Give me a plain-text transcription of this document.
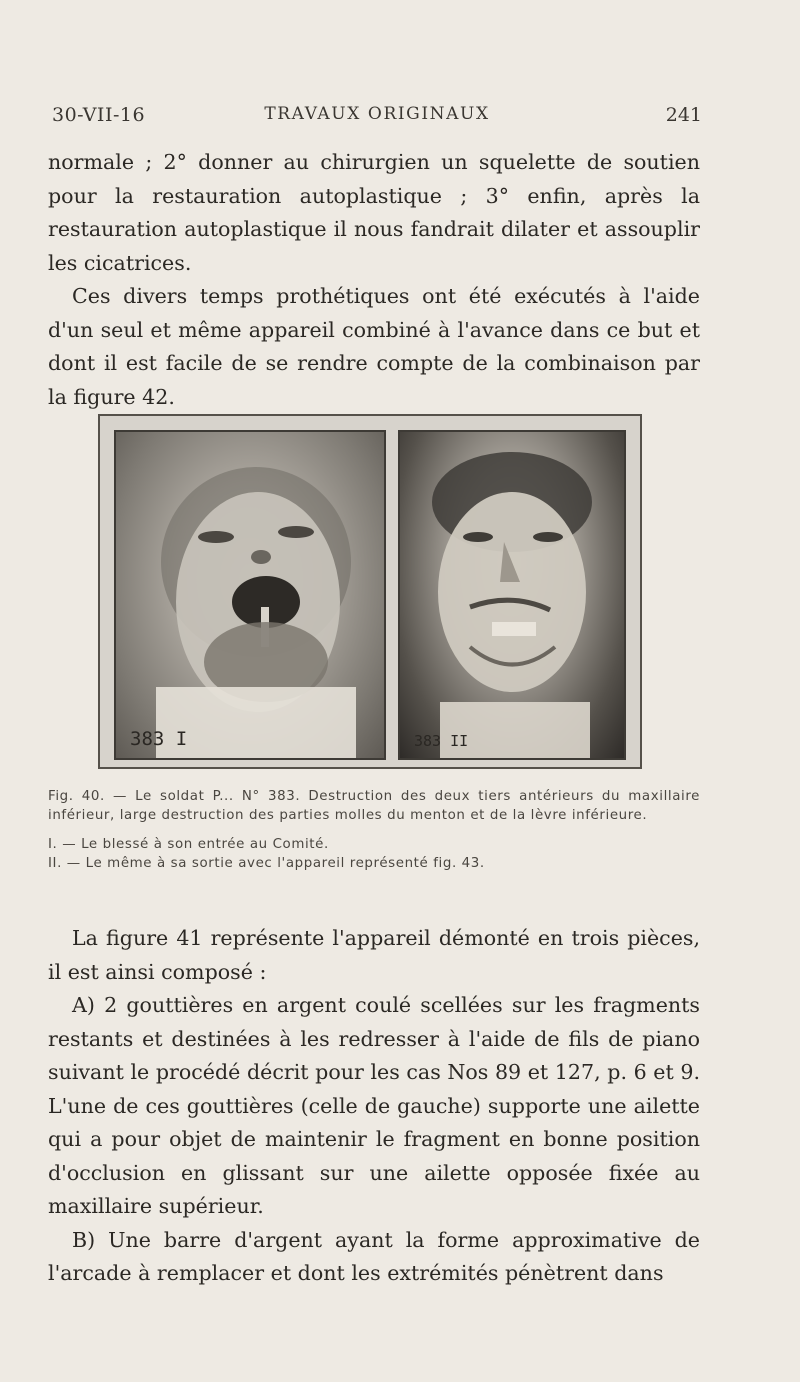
30-VII-16	TRAVAUX ORIGINAUX	241

normale ; 2° donner au chirurgien un squelette de soutien pour la restauration autoplastique ; 3° enfin, après la restauration autoplastique il nous fandrait dilater et assouplir les cicatrices.

Ces divers temps prothétiques ont été exécutés à l'aide d'un seul et même appareil combiné à l'avance dans ce but et dont il est facile de se rendre compte de la combinaison par la figure 42.

383 I	383 II

Fig. 40. — Le soldat P... N° 383. Destruction des deux tiers antérieurs du maxillaire inférieur, large destruction des parties molles du menton et de la lèvre inférieure.

I. — Le blessé à son entrée au Comité.

II. — Le même à sa sortie avec l'appareil représenté fig. 43.

La figure 41 représente l'appareil démonté en trois pièces, il est ainsi composé :

A) 2 gouttières en argent coulé scellées sur les fragments restants et destinées à les redresser à l'aide de fils de piano suivant le procédé décrit pour les cas Nos 89 et 127, p. 6 et 9. L'une de ces gouttières (celle de gauche) supporte une ailette qui a pour objet de maintenir le fragment en bonne position d'occlusion en glissant sur une ailette opposée fixée au maxillaire supérieur.

B) Une barre d'argent ayant la forme approximative de l'arcade à remplacer et dont les extrémités pénètrent dans
